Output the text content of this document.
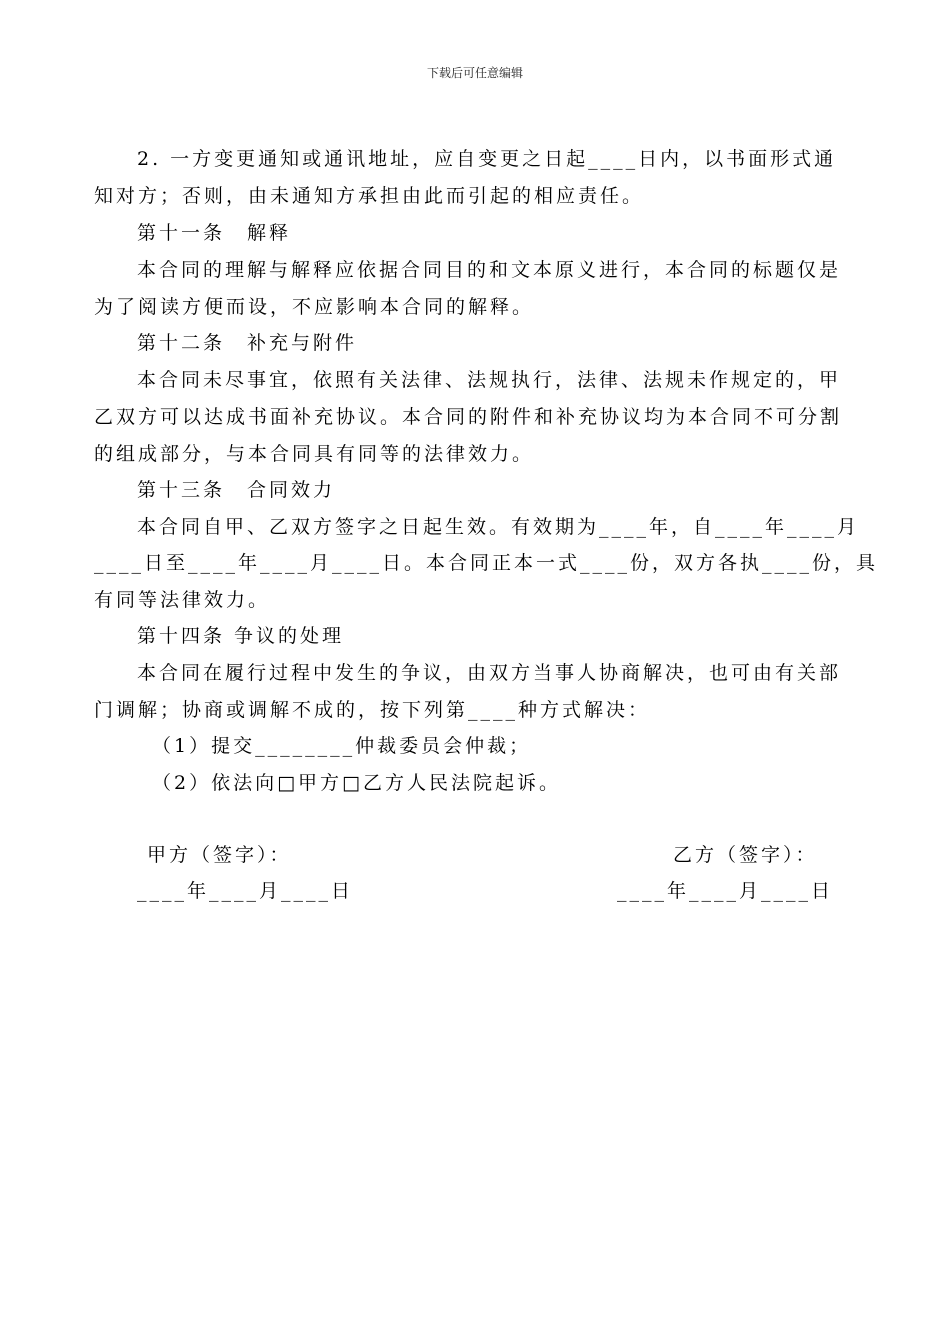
下载后可任意编辑
2. 一方变更通知或通讯地址，应自变更之日起____日内，以书面形式通
知对方；否则，由未通知方承担由此而引起的相应责任。
第十一条　解释
本合同的理解与解释应依据合同目的和文本原义进行，本合同的标题仅是
为了阅读方便而设，不应影响本合同的解释。
第十二条　补充与附件
本合同未尽事宜，依照有关法律、法规执行，法律、法规未作规定的，甲
乙双方可以达成书面补充协议。本合同的附件和补充协议均为本合同不可分割
的组成部分，与本合同具有同等的法律效力。
第十三条　合同效力
本合同自甲、乙双方签字之日起生效。有效期为____年，自____年____月
____日至____年____月____日。本合同正本一式____份，双方各执____份，具
有同等法律效力。
第十四条 争议的处理
本合同在履行过程中发生的争议，由双方当事人协商解决，也可由有关部
门调解；协商或调解不成的，按下列第____种方式解决：
（1）提交________仲裁委员会仲裁；
（2）依法向□甲方□乙方人民法院起诉。
甲方（签字）：	乙方（签字）：
____年____月____日	____年____月____日
